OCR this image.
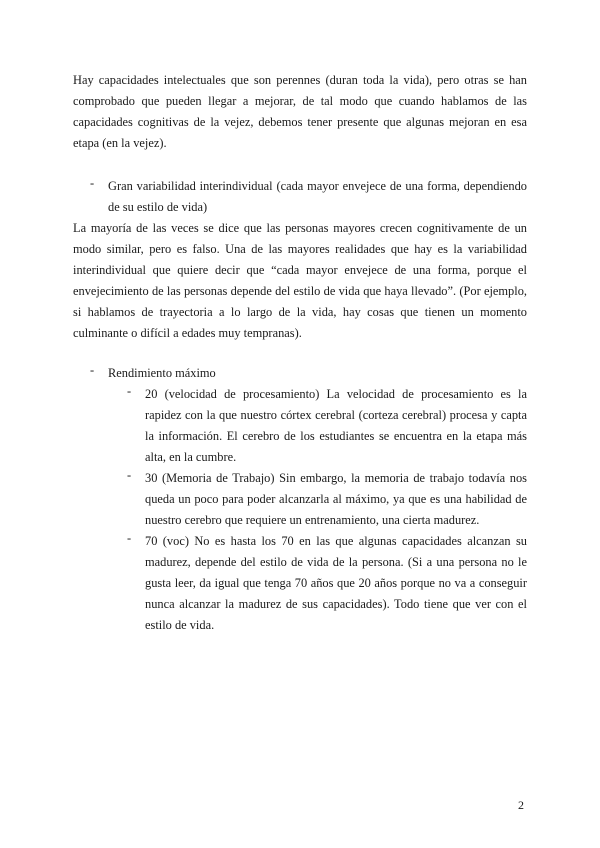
Hay capacidades intelectuales que son perennes (duran toda la vida), pero otras se han comprobado que pueden llegar a mejorar, de tal modo que cuando hablamos de las capacidades cognitivas de la vejez, debemos tener presente que algunas mejoran en esa etapa (en la vejez).

-	Gran variabilidad interindividual (cada mayor envejece de una forma, dependiendo de su estilo de vida)

La mayoría de las veces se dice que las personas mayores crecen cognitivamente de un modo similar, pero es falso. Una de las mayores realidades que hay es la variabilidad interindividual que quiere decir que “cada mayor envejece de una forma, porque el envejecimiento de las personas depende del estilo de vida que haya llevado”. (Por ejemplo, si hablamos de trayectoria a lo largo de la vida, hay cosas que tienen un momento culminante o difícil a edades muy tempranas).

-	Rendimiento máximo
-	20 (velocidad de procesamiento) La velocidad de procesamiento es la rapidez con la que nuestro córtex cerebral (corteza cerebral) procesa y capta la información. El cerebro de los estudiantes se encuentra en la etapa más alta, en la cumbre.
-	30 (Memoria de Trabajo) Sin embargo, la memoria de trabajo todavía nos queda un poco para poder alcanzarla al máximo, ya que es una habilidad de nuestro cerebro que requiere un entrenamiento, una cierta madurez.
-	70 (voc) No es hasta los 70 en las que algunas capacidades alcanzan su madurez, depende del estilo de vida de la persona. (Si a una persona no le gusta leer, da igual que tenga 70 años que 20 años porque no va a conseguir nunca alcanzar la madurez de sus capacidades). Todo tiene que ver con el estilo de vida.
2
